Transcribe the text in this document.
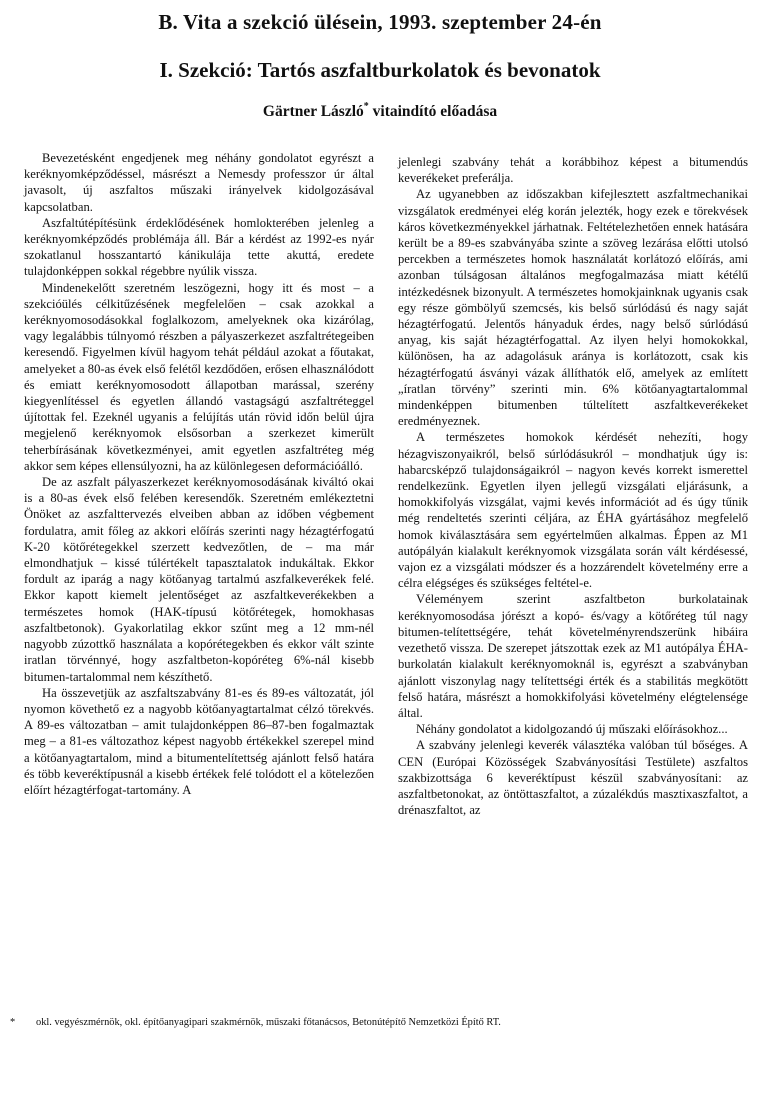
B. Vita a szekció ülésein, 1993. szeptember 24-én
I. Szekció: Tartós aszfaltburkolatok és bevonatok
Gärtner László* vitaindító előadása

Bevezetésként engedjenek meg néhány gondolatot egyrészt a keréknyomképződéssel, másrészt a Nemesdy professzor úr által javasolt, új aszfaltos műszaki irányelvek kidolgozásával kapcsolatban.

Aszfaltútépítésünk érdeklődésének homlokterében jelenleg a keréknyomképződés problémája áll. Bár a kérdést az 1992-es nyár szokatlanul hosszantartó kánikulája tette akuttá, eredete tulajdonképpen sokkal régebbre nyúlik vissza.

Mindenekelőtt szeretném leszögezni, hogy itt és most – a szekcióülés célkitűzésének megfelelően – csak azokkal a keréknyomosodásokkal foglalkozom, amelyeknek oka kizárólag, vagy legalábbis túlnyomó részben a pályaszerkezet aszfaltrétegeiben keresendő. Figyelmen kívül hagyom tehát például azokat a főutakat, amelyeket a 80-as évek első felétől kezdődően, erősen elhasználódott és emiatt keréknyomosodott állapotban marással, szerény kiegyenlítéssel és egyetlen állandó vastagságú aszfaltréteggel újítottak fel. Ezeknél ugyanis a felújítás után rövid időn belül újra megjelenő keréknyomok elsősorban a szerkezet kimerült teherbírásának következményei, amit egyetlen aszfaltréteg még akkor sem képes ellensúlyozni, ha az különlegesen deformációálló.

De az aszfalt pályaszerkezet keréknyomosodásának kiváltó okai is a 80-as évek első felében keresendők. Szeretném emlékeztetni Önöket az aszfalttervezés elveiben abban az időben végbement fordulatra, amit főleg az akkori előírás szerinti nagy hézagtérfogatú K-20 kötőrétegekkel szerzett kedvezőtlen, de – ma már elmondhatjuk – kissé túlértékelt tapasztalatok indukáltak. Ekkor fordult az iparág a nagy kötőanyag tartalmú aszfalkeverékek felé. Ekkor kapott kiemelt jelentőséget az aszfaltkeverékekben a természetes homok (HAK-típusú kötőrétegek, homokhasas aszfaltbetonok). Gyakorlatilag ekkor szűnt meg a 12 mm-nél nagyobb zúzottkő használata a kopórétegekben és ekkor vált szinte iratlan törvénnyé, hogy aszfaltbeton-kopóréteg 6%-nál kisebb bitumen-tartalommal nem készíthető.

Ha összevetjük az aszfaltszabvány 81-es és 89-es változatát, jól nyomon követhető ez a nagyobb kötőanyagtartalmat célzó törekvés. A 89-es változatban – amit tulajdonképpen 86–87-ben fogalmaztak meg – a 81-es változathoz képest nagyobb értékekkel szerepel mind a kötőanyagtartalom, mind a bitumentelítettség ajánlott felső határa és több keveréktípusnál a kisebb értékek felé tolódott el a kötelezően előírt hézagtérfogat-tartomány. A

jelenlegi szabvány tehát a korábbihoz képest a bitumendús keverékeket preferálja.

Az ugyanebben az időszakban kifejlesztett aszfaltmechanikai vizsgálatok eredményei elég korán jelezték, hogy ezek e törekvések káros következményekkel járhatnak. Feltételezhetően ennek hatására került be a 89-es szabványába szinte a szöveg lezárása előtti utolsó percekben a természetes homok használatát korlátozó előírás, ami azonban túlságosan általános megfogalmazása miatt kétélű intézkedésnek bizonyult. A természetes homokjainknak ugyanis csak egy része gömbölyű szemcsés, kis belső súrlódású és nagy saját hézagtérfogatú. Jelentős hányaduk érdes, nagy belső súrlódású anyag, kis saját hézagtérfogattal. Az ilyen helyi homokokkal, különösen, ha az adagolásuk aránya is korlátozott, csak kis hézagtérfogatú ásványi vázak állíthatók elő, amelyek az említett „íratlan törvény” szerinti min. 6% kötőanyagtartalommal mindenképpen bitumenben túltelített aszfaltkeverékeket eredményeznek.

A természetes homokok kérdését nehezíti, hogy hézagviszonyaikról, belső súrlódásukról – mondhatjuk úgy is: habarcsképző tulajdonságaikról – nagyon kevés korrekt ismerettel rendelkezünk. Egyetlen ilyen jellegű vizsgálati eljárásunk, a homokkifolyás vizsgálat, vajmi kevés információt ad és úgy tűnik még rendeltetés szerinti céljára, az ÉHA gyártásához megfelelő homok kiválasztására sem egyértelműen alkalmas. Éppen az M1 autópályán kialakult keréknyomok vizsgálata során vált kérdésessé, vajon ez a vizsgálati módszer és a hozzárendelt követelmény erre a célra elégséges és szükséges feltétel-e.

Véleményem szerint aszfaltbeton burkolatainak keréknyomosodása jórészt a kopó- és/vagy a kötőréteg túl nagy bitumen-telítettségére, tehát követelményrendszerünk hibáira vezethető vissza. De szerepet játszottak ezek az M1 autópálya ÉHA-burkolatán kialakult keréknyomoknál is, egyrészt a szabványban ajánlott viszonylag nagy telítettségi érték és a stabilitás megkötött felső határa, másrészt a homokkifolyási követelmény elégtelensége által.

Néhány gondolatot a kidolgozandó új műszaki előírásokhoz...

A szabvány jelenlegi keverék választéka valóban túl bőséges. A CEN (Európai Közösségek Szabványosítási Testülete) aszfaltos szakbizottsága 6 keveréktípust készül szabványosítani: az aszfaltbetonokat, az öntöttaszfaltot, a zúzalékdús masztixaszfaltot, a drénaszfaltot, az

* okl. vegyészmérnök, okl. építőanyagipari szakmérnök, műszaki főtanácsos, Betonútépítő Nemzetközi Építő RT.
